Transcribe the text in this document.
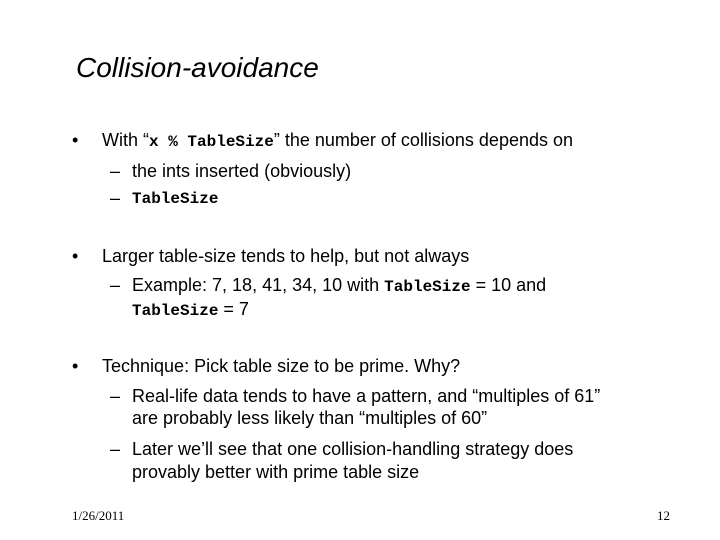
Collision-avoidance
• With “x % TableSize” the number of collisions depends on
– the ints inserted (obviously)
– TableSize
• Larger table-size tends to help, but not always
– Example: 7, 18, 41, 34, 10 with TableSize = 10 and
TableSize = 7
• Technique: Pick table size to be prime. Why?
– Real-life data tends to have a pattern, and “multiples of 61”
are probably less likely than “multiples of 60”
– Later we’ll see that one collision-handling strategy does
provably better with prime table size
1/26/2011	12
